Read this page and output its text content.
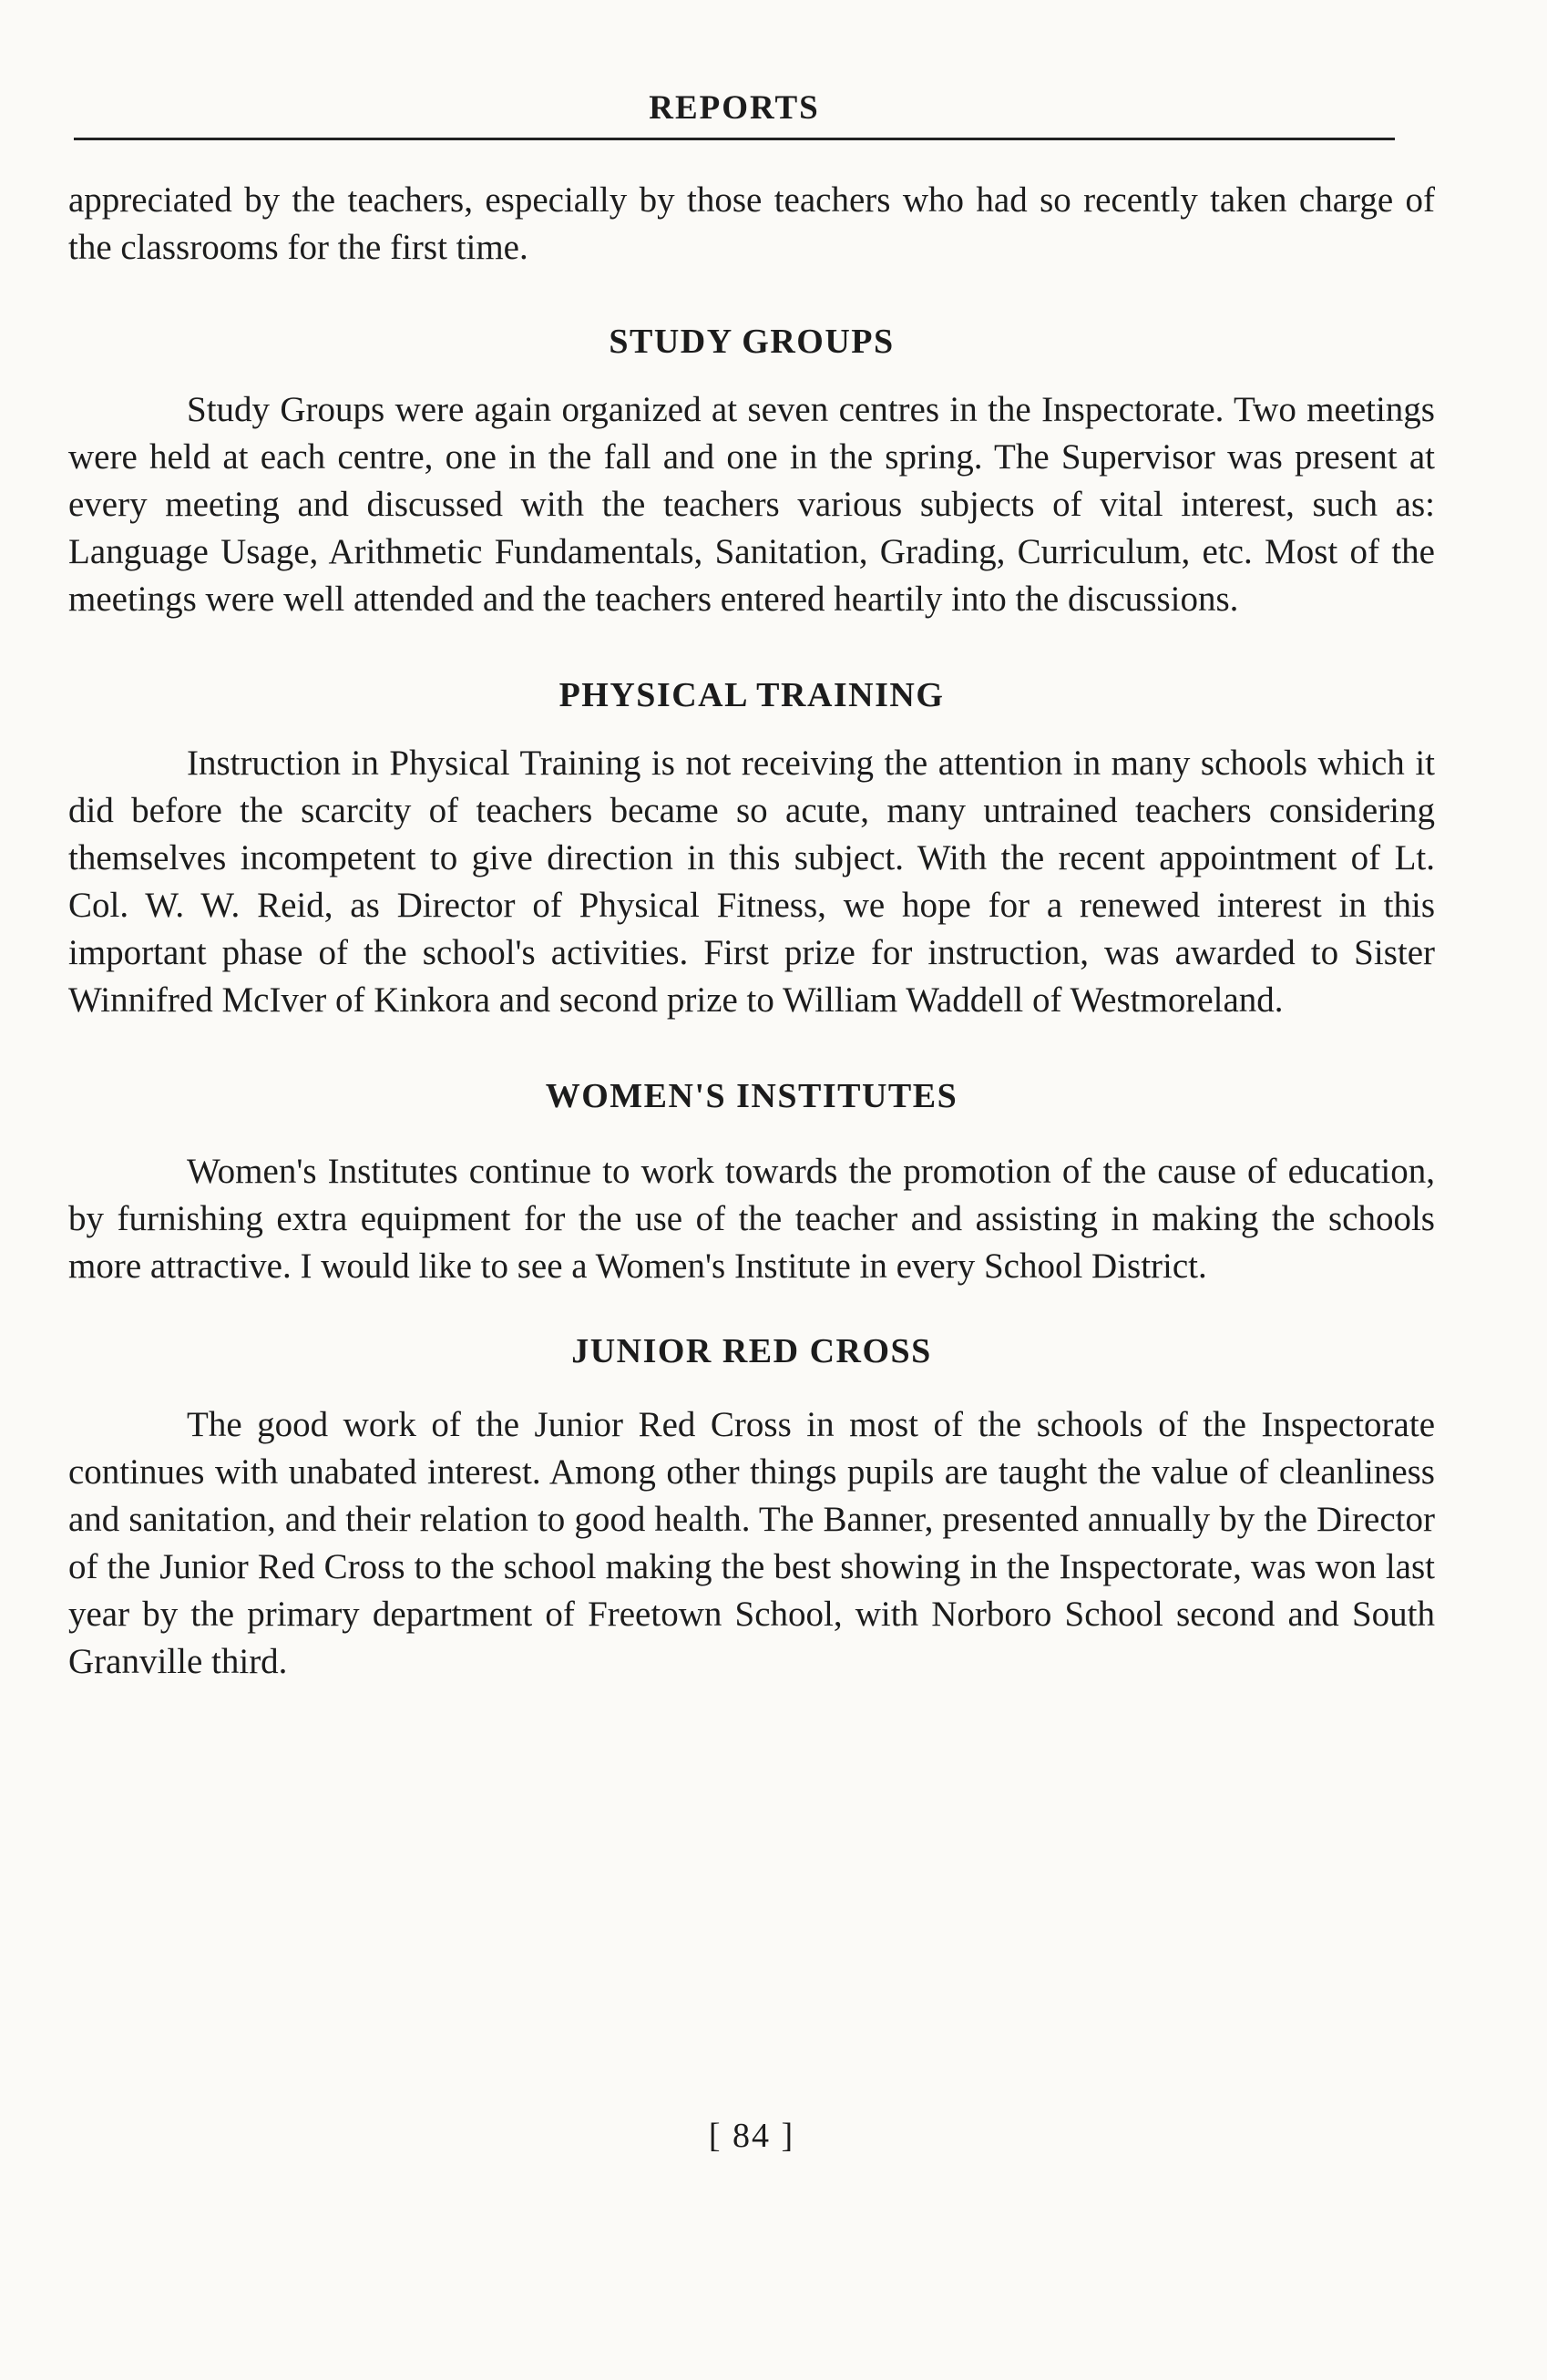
REPORTS

appreciated by the teachers, especially by those teachers who had so recently taken charge of the classrooms for the first time.

STUDY GROUPS

Study Groups were again organized at seven centres in the Inspectorate. Two meetings were held at each centre, one in the fall and one in the spring. The Supervisor was present at every meeting and discussed with the teachers various subjects of vital interest, such as: Language Usage, Arithmetic Fundamentals, Sanitation, Grading, Curriculum, etc. Most of the meetings were well attended and the teachers entered heartily into the discussions.

PHYSICAL TRAINING

Instruction in Physical Training is not receiving the attention in many schools which it did before the scarcity of teachers became so acute, many untrained teachers considering themselves incompetent to give direction in this subject. With the recent appointment of Lt. Col. W. W. Reid, as Director of Physical Fitness, we hope for a renewed interest in this important phase of the school's activities. First prize for instruction, was awarded to Sister Winnifred McIver of Kinkora and second prize to William Waddell of Westmoreland.

WOMEN'S INSTITUTES

Women's Institutes continue to work towards the promotion of the cause of education, by furnishing extra equipment for the use of the teacher and assisting in making the schools more attractive. I would like to see a Women's Institute in every School District.

JUNIOR RED CROSS

The good work of the Junior Red Cross in most of the schools of the Inspectorate continues with unabated interest. Among other things pupils are taught the value of cleanliness and sanitation, and their relation to good health. The Banner, presented annually by the Director of the Junior Red Cross to the school making the best showing in the Inspectorate, was won last year by the primary department of Freetown School, with Norboro School second and South Granville third.

[ 84 ]
